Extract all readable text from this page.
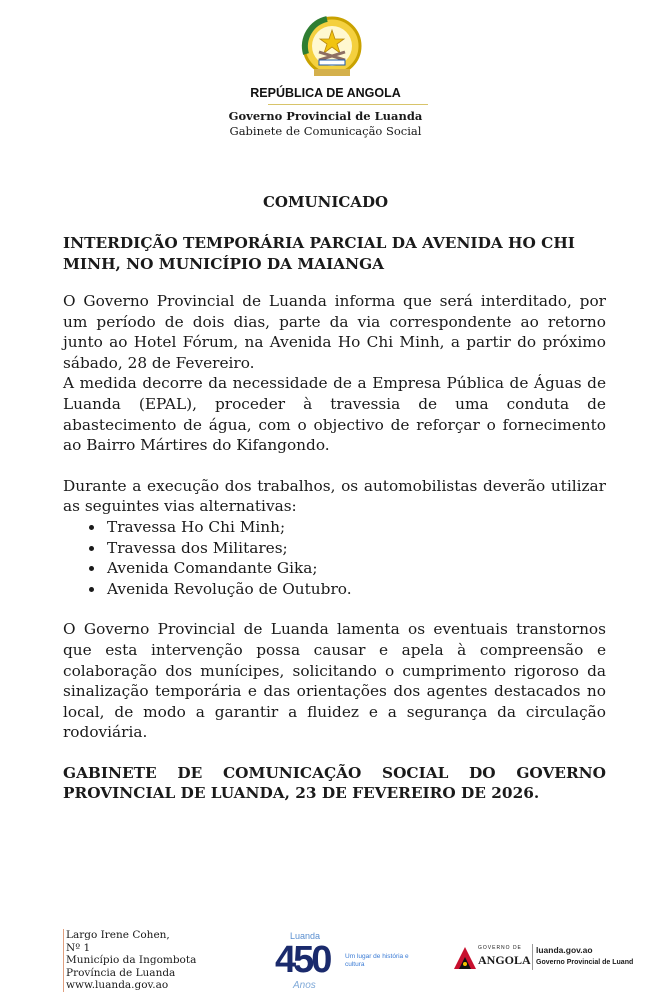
REPÚBLICA DE ANGOLA
Governo Provincial de Luanda
Gabinete de Comunicação Social
COMUNICADO
INTERDIÇÃO TEMPORÁRIA PARCIAL DA AVENIDA HO CHI MINH, NO MUNICÍPIO DA MAIANGA
O Governo Provincial de Luanda informa que será interditado, por um período de dois dias, parte da via correspondente ao retorno junto ao Hotel Fórum, na Avenida Ho Chi Minh, a partir do próximo sábado, 28 de Fevereiro.
A medida decorre da necessidade de a Empresa Pública de Águas de Luanda (EPAL), proceder à travessia de uma conduta de abastecimento de água, com o objectivo de reforçar o fornecimento ao Bairro Mártires do Kifangondo.
Durante a execução dos trabalhos, os automobilistas deverão utilizar as seguintes vias alternativas:
• Travessa Ho Chi Minh;
• Travessa dos Militares;
• Avenida Comandante Gika;
• Avenida Revolução de Outubro.
O Governo Provincial de Luanda lamenta os eventuais transtornos que esta intervenção possa causar e apela à compreensão e colaboração dos munícipes, solicitando o cumprimento rigoroso da sinalização temporária e das orientações dos agentes destacados no local, de modo a garantir a fluidez e a segurança da circulação rodoviária.
GABINETE DE COMUNICAÇÃO SOCIAL DO GOVERNO PROVINCIAL DE LUANDA, 23 DE FEVEREIRO DE 2026.
Largo Irene Cohen,
Nº 1
Município da Ingombota
Província de Luanda
www.luanda.gov.ao
Luanda
450
Anos
Um lugar de história e cultura
GOVERNO DE
ANGOLA
luanda.gov.ao
Governo Provincial de Luand
